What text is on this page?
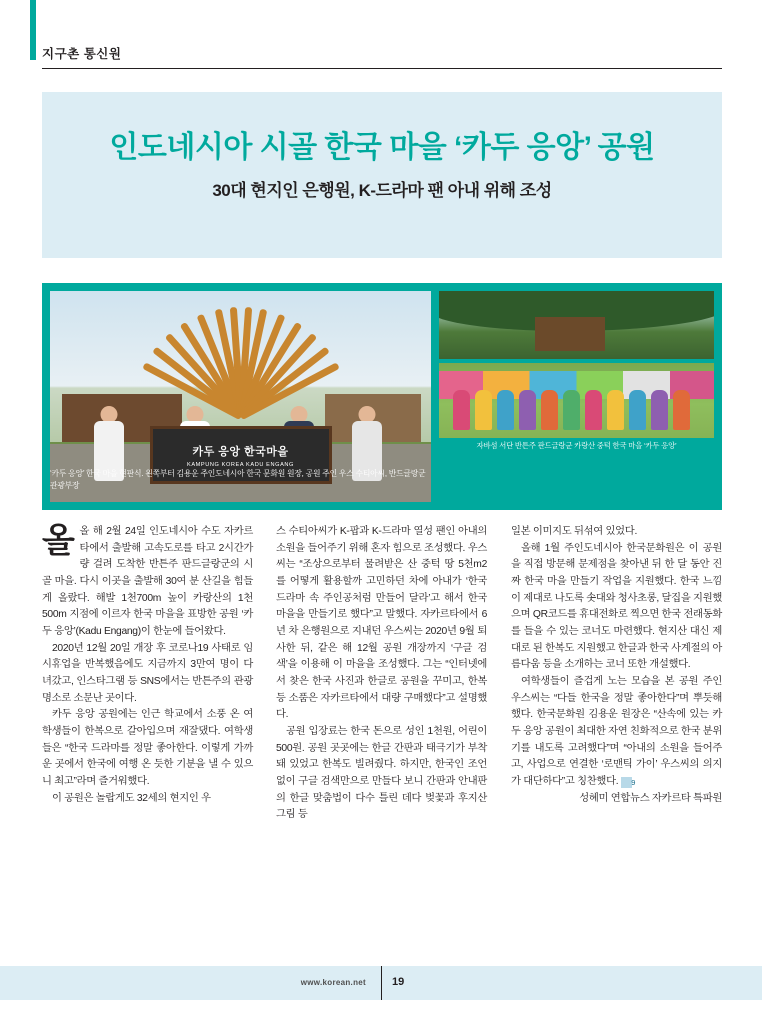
지구촌 통신원
인도네시아 시골 한국 마을 ‘카두 응앙’ 공원
30대 현지인 은행원, K-드라마 팬 아내 위해 조성
카두 응앙 한국마을
KAMPUNG KOREA KADU ENGANG
자바섬 서단 반튼주 판드글랑군 카랑산 중턱 한국 마을 ‘카두 응앙’
‘카두 응앙’ 한국 마을 현판식. 왼쪽부터 김용운 주인도네시아 한국 문화원 원장, 공원 주인 우스 수티아씨, 반드글랑군 관광부장
올 올 해 2월 24일 인도네시아 수도 자카르타에서 출발해 고속도로를 타고 2시간가량 걸려 도착한 반튼주 판드글랑군의 시골 마을. 다시 이곳을 출발해 30여 분 산길을 힘들게 올랐다. 해발 1천700m 높이 카랑산의 1천500m 지점에 이르자 한국 마을을 표방한 공원 ‘카두 응앙’(Kadu Engang)이 한눈에 들어왔다.

2020년 12월 20일 개장 후 코로나19 사태로 임시휴업을 반복했음에도 지금까지 3만여 명이 다녀갔고, 인스타그램 등 SNS에서는 반튼주의 관광 명소로 소문난 곳이다.

카두 응앙 공원에는 인근 학교에서 소풍 온 여학생들이 한복으로 갈아입으며 재잘댔다. 여학생들은 “한국 드라마를 정말 좋아한다. 이렇게 가까운 곳에서 한국에 여행 온 듯한 기분을 낼 수 있으니 최고”라며 즐거워했다.

이 공원은 놀랍게도 32세의 현지인 우

스 수티아씨가 K-팝과 K-드라마 열성 팬인 아내의 소원을 들어주기 위해 혼자 힘으로 조성했다. 우스씨는 “조상으로부터 물려받은 산 중턱 땅 5천m2를 어떻게 활용할까 고민하던 차에 아내가 ‘한국 드라마 속 주인공처럼 만들어 달라’고 해서 한국 마을을 만들기로 했다”고 말했다. 자카르타에서 6년 차 은행원으로 지내던 우스씨는 2020년 9월 퇴사한 뒤, 같은 해 12월 공원 개장까지 ‘구글 검색’을 이용해 이 마을을 조성했다. 그는 “인터넷에서 찾은 한국 사진과 한글로 공원을 꾸미고, 한복 등 소품은 자카르타에서 대량 구매했다”고 설명했다.

공원 입장료는 한국 돈으로 성인 1천원, 어린이 500원. 공원 곳곳에는 한글 간판과 태극기가 부착돼 있었고 한복도 빌려줬다. 하지만, 한국인 조언 없이 구글 검색만으로 만들다 보니 간판과 안내판의 한글 맞춤법이 다수 틀린 데다 벚꽃과 후지산 그림 등

일본 이미지도 뒤섞여 있었다.

올해 1월 주인도네시아 한국문화원은 이 공원을 직접 방문해 문제점을 찾아낸 뒤 한 달 동안 진짜 한국 마을 만들기 작업을 지원했다. 한국 느낌이 제대로 나도록 솟대와 청사초롱, 달집을 지원했으며 QR코드를 휴대전화로 찍으면 한국 전래동화를 들을 수 있는 코너도 마련했다. 현지산 대신 제대로 된 한복도 지원했고 한글과 한국 사계절의 아름다움 등을 소개하는 코너 또한 개설했다.

여학생들이 즐겁게 노는 모습을 본 공원 주인 우스씨는 “다들 한국을 정말 좋아한다”며 뿌듯해했다. 한국문화원 김용운 원장은 “산속에 있는 카두 응앙 공원이 최대한 자연 친화적으로 한국 분위기를 내도록 고려했다”며 “아내의 소원을 들어주고, 사업으로 연결한 ‘로맨틱 가이’ 우스씨의 의지가 대단하다”고 칭찬했다. 9

성혜미 연합뉴스 자카르타 특파원

www.korean.net 19
